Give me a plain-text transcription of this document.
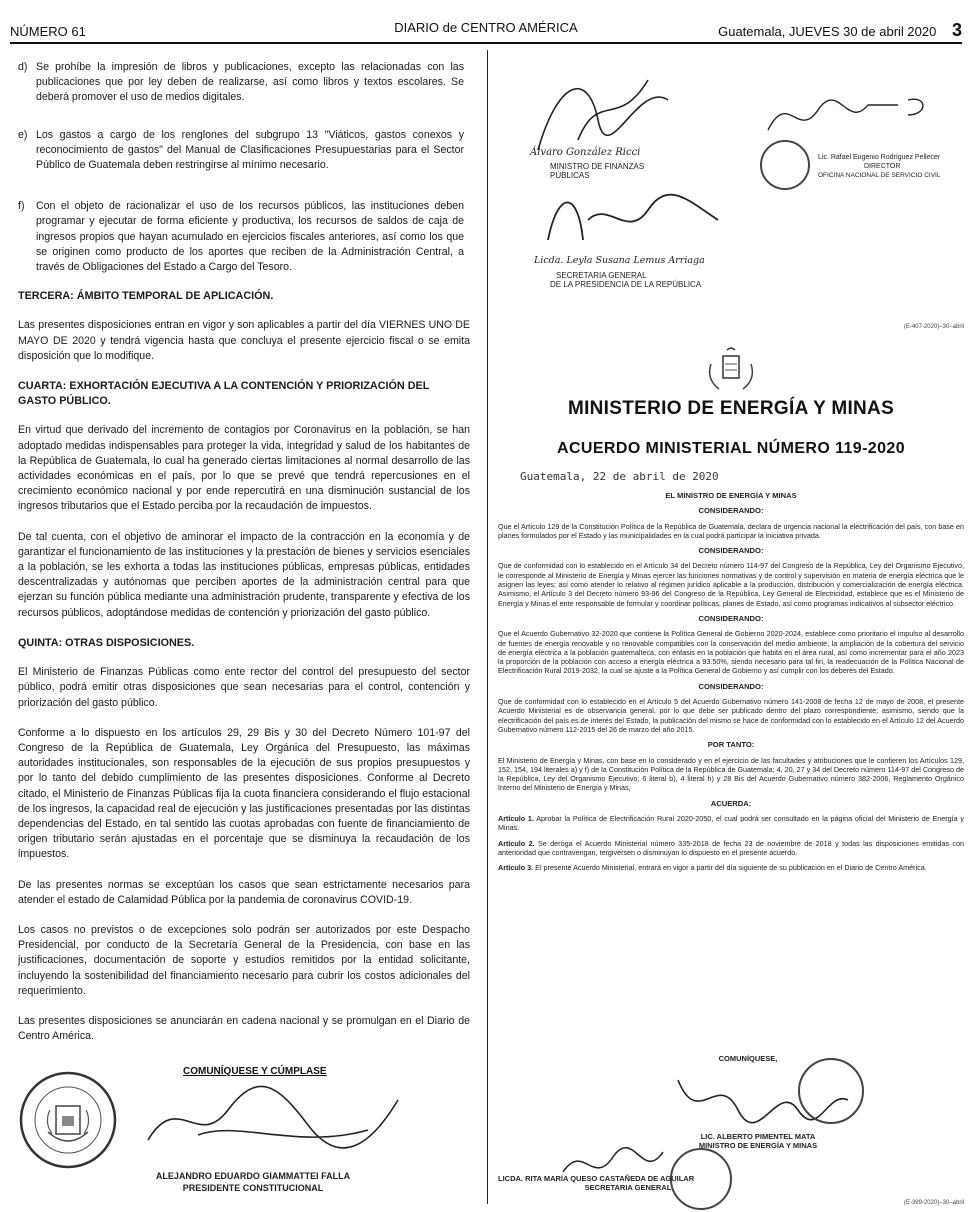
NÚMERO 61	DIARIO de CENTRO AMÉRICA	Guatemala, JUEVES 30 de abril 2020 3
d) Se prohíbe la impresión de libros y publicaciones, excepto las relacionadas con las publicaciones que por ley deben de realizarse, así como libros y textos escolares. Se deberá promover el uso de medios digitales.
e) Los gastos a cargo de los renglones del subgrupo 13 "Viáticos, gastos conexos y reconocimiento de gastos" del Manual de Clasificaciones Presupuestarias para el Sector Público de Guatemala deben restringirse al mínimo necesario.
f)	Con el objeto de racionalizar el uso de los recursos públicos, las instituciones deben programar y ejecutar de forma eficiente y productiva, los recursos de saldos de caja de ingresos propios que hayan acumulado en ejercicios fiscales anteriores, así como los que se originen como producto de los aportes que reciben de la Administración Central, a través de Obligaciones del Estado a Cargo del Tesoro.
TERCERA: ÁMBITO TEMPORAL DE APLICACIÓN.

Las presentes disposiciones entran en vigor y son aplicables a partir del día VIERNES UNO DE MAYO DE 2020 y tendrá vigencia hasta que concluya el presente ejercicio fiscal o se emita disposición que lo modifique.

CUARTA: EXHORTACIÓN EJECUTIVA A LA CONTENCIÓN Y PRIORIZACIÓN DEL GASTO PÚBLICO.

En virtud que derivado del incremento de contagios por Coronavirus en la población, se han adoptado medidas indispensables para proteger la vida, integridad y salud de los habitantes de la República de Guatemala, lo cual ha generado ciertas limitaciones al normal desarrollo de las actividades económicas en el país, por lo que se prevé que tendrá repercusiones en el crecimiento económico nacional y por ende repercutirá en una disminución sustancial de los ingresos tributarios que el Estado perciba por la recaudación de impuestos.

De tal cuenta, con el objetivo de aminorar el impacto de la contracción en la economía y de garantizar el funcionamiento de las instituciones y la prestación de bienes y servicios esenciales a la población, se les exhorta a todas las instituciones públicas, empresas públicas, entidades descentralizadas y autónomas que perciben aportes de la administración central para que ejerzan su función pública mediante una administración prudente, transparente y efectiva de los recursos públicos, adoptándose medidas de contención y priorización del gasto público.

QUINTA: OTRAS DISPOSICIONES.

El Ministerio de Finanzas Públicas como ente rector del control del presupuesto del sector público, podrá emitir otras disposiciones que sean necesarias para el control, contención y priorización del gasto público.

Conforme a lo dispuesto en los artículos 29, 29 Bis y 30 del Decreto Número 101-97 del Congreso de la República de Guatemala, Ley Orgánica del Presupuesto, las máximas autoridades institucionales, son responsables de la ejecución de sus propios presupuestos y por lo tanto del debido cumplimiento de las presentes disposiciones. Conforme al Decreto citado, el Ministerio de Finanzas Públicas fija la cuota financiera considerando el flujo estacional de los ingresos, la capacidad real de ejecución y las justificaciones presentadas por las distintas dependencias del Estado, en tal sentido las cuotas aprobadas con fuente de financiamiento de origen tributario serán ajustadas en el porcentaje que se disminuya la recaudación de los impuestos.

De las presentes normas se exceptúan los casos que sean estrictamente necesarios para atender el estado de Calamidad Pública por la pandemia de coronavirus COVID-19.

Los casos no previstos o de excepciones solo podrán ser autorizados por este Despacho Presidencial, por conducto de la Secretaría General de la Presidencia, con base en las justificaciones, documentación de soporte y estudios remitidos por la entidad solicitante, incluyendo la sostenibilidad del financiamiento necesario para cubrir los costos adicionales del requerimiento.

Las presentes disposiciones se anunciarán en cadena nacional y se promulgan en el Diario de Centro América.

COMUNÍQUESE Y CÚMPLASE
ALEJANDRO EDUARDO GIAMMATTEI FALLA
PRESIDENTE CONSTITUCIONAL
Álvaro González Ricci
MINISTRO DE FINANZAS PÚBLICAS
Lic. Rafael Eugenio Rodríguez Pellecer
DIRECTOR
OFICINA NACIONAL DE SERVICIO CIVIL
Licda. Leyla Susana Lemus Arriaga
SECRETARIA GENERAL
DE LA PRESIDENCIA DE LA REPÚBLICA
(E-407-2020)–30–abril
MINISTERIO DE ENERGÍA Y MINAS
ACUERDO MINISTERIAL NÚMERO 119-2020
Guatemala, 22 de abril de 2020
EL MINISTRO DE ENERGÍA Y MINAS
CONSIDERANDO:

Que el Artículo 129 de la Constitución Política de la República de Guatemala, declara de urgencia nacional la electrificación del país, con base en planes formulados por el Estado y las municipalidades en la cual podrá participar la iniciativa privada.

CONSIDERANDO:

Que de conformidad con lo establecido en el Artículo 34 del Decreto número 114-97 del Congreso de la República, Ley del Organismo Ejecutivo, le corresponde al Ministerio de Energía y Minas ejercer las funciones normativas y de control y supervisión en materia de energía eléctrica que le asignen las leyes; así como atender lo relativo al régimen jurídico aplicable a la producción, distribución y comercialización de energía eléctrica. Asimismo, el Artículo 3 del Decreto número 93-96 del Congreso de la República, Ley General de Electricidad, establece que es el Ministerio de Energía y Minas el ente responsable de formular y coordinar políticas, planes de Estado, así como programas indicativos al subsector eléctrico.

CONSIDERANDO:

Que el Acuerdo Gubernativo 32-2020 que contiene la Política General de Gobierno 2020-2024, establece como prioritario el impulso al desarrollo de fuentes de energía renovable y no renovable compatibles con la conservación del medio ambiente, la ampliación de la cobertura del servicio de energía eléctrica a la población guatemalteca, con énfasis en la población que habita en el área rural, así como incrementar para el año 2023 la proporción de la población con acceso a energía eléctrica a 93.50%, siendo necesario para tal fin, la readecuación de la Política Nacional de Electrificación Rural 2019-2032, la cual se ajuste a la Política General de Gobierno y así cumplir con los deberes del Estado.

CONSIDERANDO:

Que de conformidad con lo establecido en el Artículo 5 del Acuerdo Gubernativo número 141-2008 de fecha 12 de mayo de 2008, el presente Acuerdo Ministerial es de observancia general, por lo que debe ser publicado dentro del plazo correspondiente; asimismo, siendo que la electrificación del país es de interés del Estado, la publicación del mismo se hace de conformidad con lo establecido en el Artículo 12 del Acuerdo Gubernativo número 112-2015 del 26 de marzo del año 2015.

POR TANTO:

El Ministerio de Energía y Minas, con base en lo considerado y en el ejercicio de las facultades y atribuciones que le confieren los Artículos 129, 152, 154, 194 literales a) y f) de la Constitución Política de la República de Guatemala; 4, 20, 27 y 34 del Decreto número 114-97 del Congreso de la República, Ley del Organismo Ejecutivo; 6 literal b), 4 literal h) y 28 Bis del Acuerdo Gubernativo número 382-2006, Reglamento Orgánico Interno del Ministerio de Energía y Minas,

ACUERDA:

Artículo 1. Aprobar la Política de Electrificación Rural 2020-2050, el cual podrá ser consultado en la página oficial del Ministerio de Energía y Minas.

Artículo 2. Se deroga el Acuerdo Ministerial número 335-2018 de fecha 23 de noviembre de 2018 y todas las disposiciones emitidas con anterioridad que contravengan, tergiversen o disminuyan lo dispuesto en el presente acuerdo.

Artículo 3. El presente Acuerdo Ministerial, entrará en vigor a partir del día siguiente de su publicación en el Diario de Centro América.

COMUNÍQUESE,
LIC. ALBERTO PIMENTEL MATA
MINISTRO DE ENERGÍA Y MINAS
LICDA. RITA MARÍA QUESO CASTAÑEDA DE AGUILAR
SECRETARIA GENERAL
(E-399-2020)–30–abril
